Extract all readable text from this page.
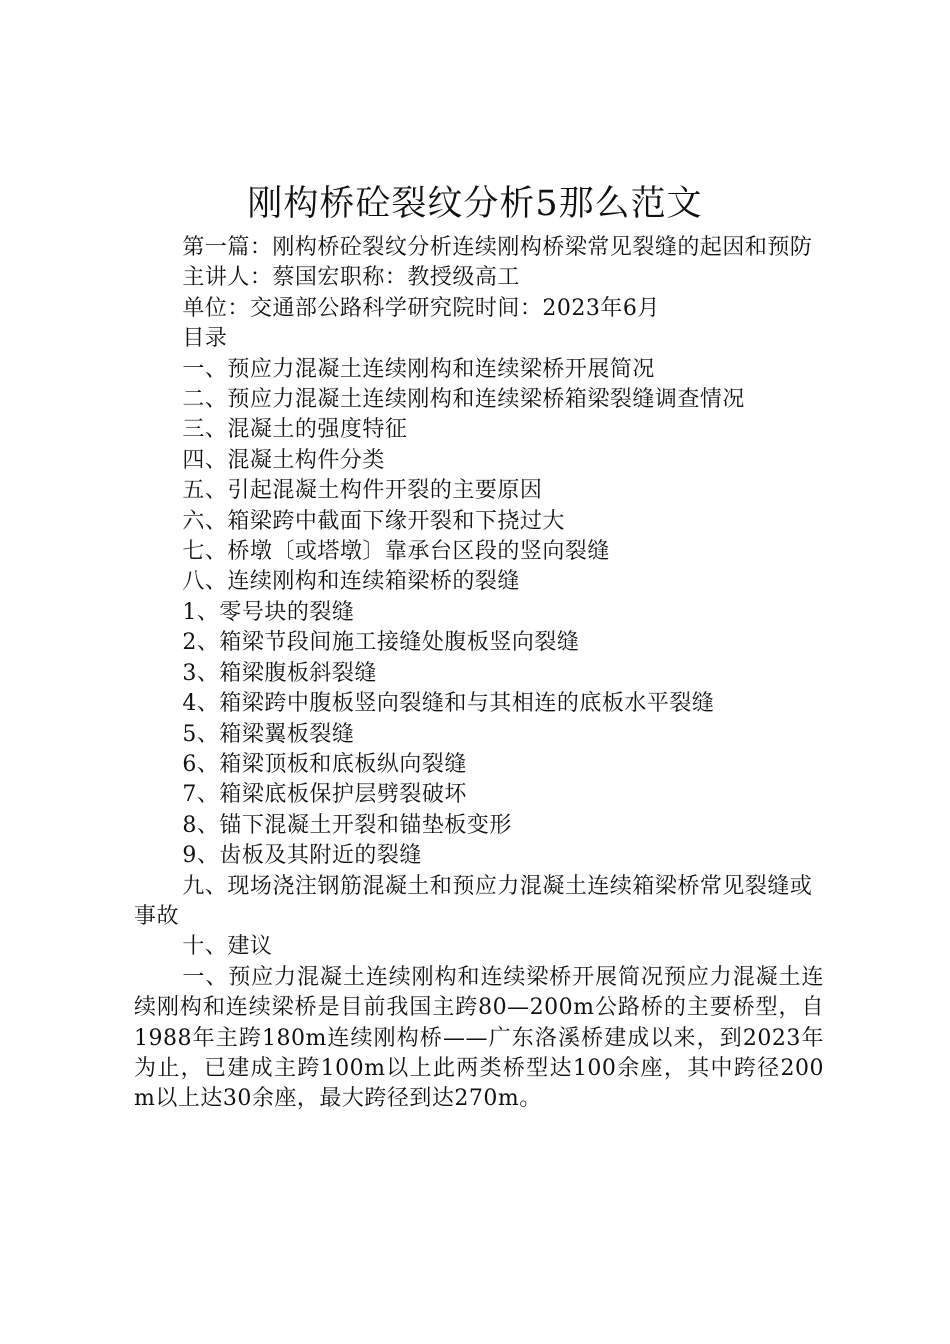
刚构桥砼裂纹分析5那么范文

第一篇：刚构桥砼裂纹分析连续刚构桥梁常见裂缝的起因和预防

主讲人：蔡国宏职称：教授级高工

单位：交通部公路科学研究院时间：2023年6月

目录

一、预应力混凝土连续刚构和连续梁桥开展简况

二、预应力混凝土连续刚构和连续梁桥箱梁裂缝调查情况

三、混凝土的强度特征

四、混凝土构件分类

五、引起混凝土构件开裂的主要原因

六、箱梁跨中截面下缘开裂和下挠过大

七、桥墩〔或塔墩〕靠承台区段的竖向裂缝

八、连续刚构和连续箱梁桥的裂缝

1、零号块的裂缝

2、箱梁节段间施工接缝处腹板竖向裂缝

3、箱梁腹板斜裂缝

4、箱梁跨中腹板竖向裂缝和与其相连的底板水平裂缝

5、箱梁翼板裂缝

6、箱梁顶板和底板纵向裂缝

7、箱梁底板保护层劈裂破坏

8、锚下混凝土开裂和锚垫板变形

9、齿板及其附近的裂缝

九、现场浇注钢筋混凝土和预应力混凝土连续箱梁桥常见裂缝或事故

十、建议

一、预应力混凝土连续刚构和连续梁桥开展简况预应力混凝土连续刚构和连续梁桥是目前我国主跨80—200m公路桥的主要桥型，自1988年主跨180m连续刚构桥——广东洛溪桥建成以来，到2023年为止，已建成主跨100m以上此两类桥型达100余座，其中跨径200m以上达30余座，最大跨径到达270m。
